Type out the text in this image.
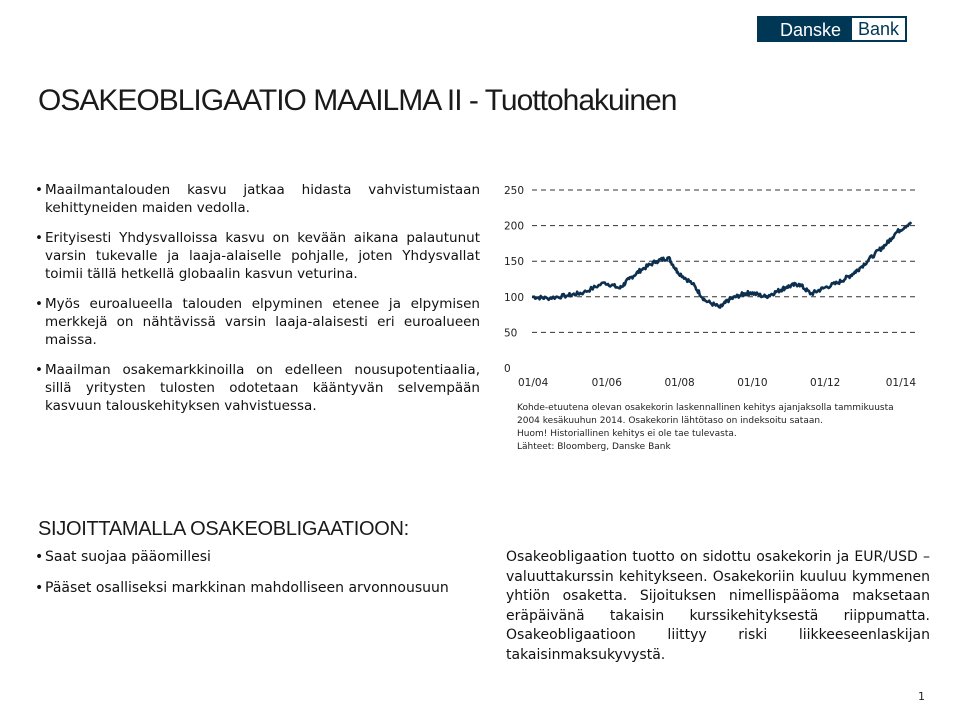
Danske Bank
OSAKEOBLIGAATIO MAAILMA II - Tuottohakuinen
• Maailmantalouden kasvu jatkaa hidasta vahvistumistaan kehittyneiden maiden vedolla.
• Erityisesti Yhdysvalloissa kasvu on kevään aikana palautunut varsin tukevalle ja laaja-alaiselle pohjalle, joten Yhdysvallat toimii tällä hetkellä globaalin kasvun veturina.
• Myös euroalueella talouden elpyminen etenee ja elpymisen merkkejä on nähtävissä varsin laaja-alaisesti eri euroalueen maissa.
• Maailman osakemarkkinoilla on edelleen nousupotentiaalia, sillä yritysten tulosten odotetaan kääntyvän selvempään kasvuun talouskehityksen vahvistuessa.
0
50
100
150
200
250
01/04	01/06	01/08	01/10	01/12	01/14
Kohde-etuutena olevan osakekorin laskennallinen kehitys ajanjaksolla tammikuusta 2004 kesäkuuhun 2014. Osakekorin lähtötaso on indeksoitu sataan.
Huom! Historiallinen kehitys ei ole tae tulevasta.
Lähteet: Bloomberg, Danske Bank
SIJOITTAMALLA OSAKEOBLIGAATIOON:
• Saat suojaa pääomillesi
• Pääset osalliseksi markkinan mahdolliseen arvonnousuun
Osakeobligaation tuotto on sidottu osakekorin ja EUR/USD –valuuttakurssin kehitykseen. Osakekoriin kuuluu kymmenen yhtiön osaketta. Sijoituksen nimellispääoma maksetaan eräpäivänä takaisin kurssikehityksestä riippumatta. Osakeobligaatioon liittyy riski liikkeeseenlaskijan takaisinmaksukyvystä.
1
